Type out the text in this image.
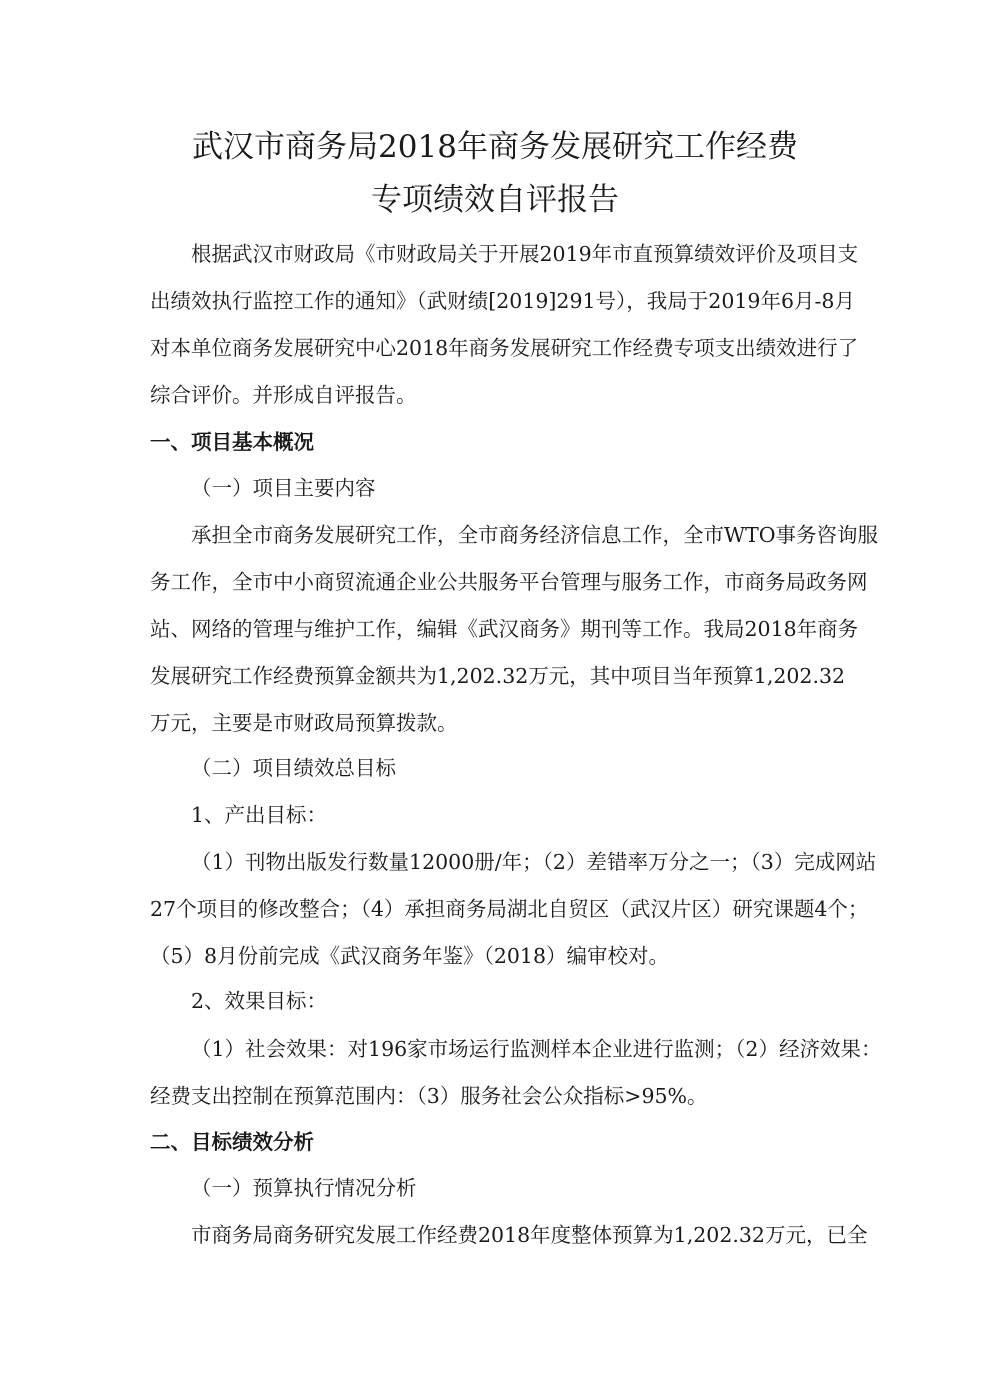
武汉市商务局2018年商务发展研究工作经费
专项绩效自评报告

根据武汉市财政局《市财政局关于开展2019年市直预算绩效评价及项目支

出绩效执行监控工作的通知》（武财绩[2019]291号），我局于2019年6月-8月

对本单位商务发展研究中心2018年商务发展研究工作经费专项支出绩效进行了

综合评价。并形成自评报告。

一、项目基本概况

（一）项目主要内容

承担全市商务发展研究工作，全市商务经济信息工作，全市WTO事务咨询服

务工作，全市中小商贸流通企业公共服务平台管理与服务工作，市商务局政务网

站、网络的管理与维护工作，编辑《武汉商务》期刊等工作。我局2018年商务

发展研究工作经费预算金额共为1,202.32万元，其中项目当年预算1,202.32

万元，主要是市财政局预算拨款。

（二）项目绩效总目标

1、产出目标：

（1）刊物出版发行数量12000册/年；（2）差错率万分之一；（3）完成网站

27个项目的修改整合；（4）承担商务局湖北自贸区（武汉片区）研究课题4个；

（5）8月份前完成《武汉商务年鉴》（2018）编审校对。

2、效果目标：

（1）社会效果：对196家市场运行监测样本企业进行监测；（2）经济效果：

经费支出控制在预算范围内：（3）服务社会公众指标>95%。

二、目标绩效分析

（一）预算执行情况分析

市商务局商务研究发展工作经费2018年度整体预算为1,202.32万元，已全
